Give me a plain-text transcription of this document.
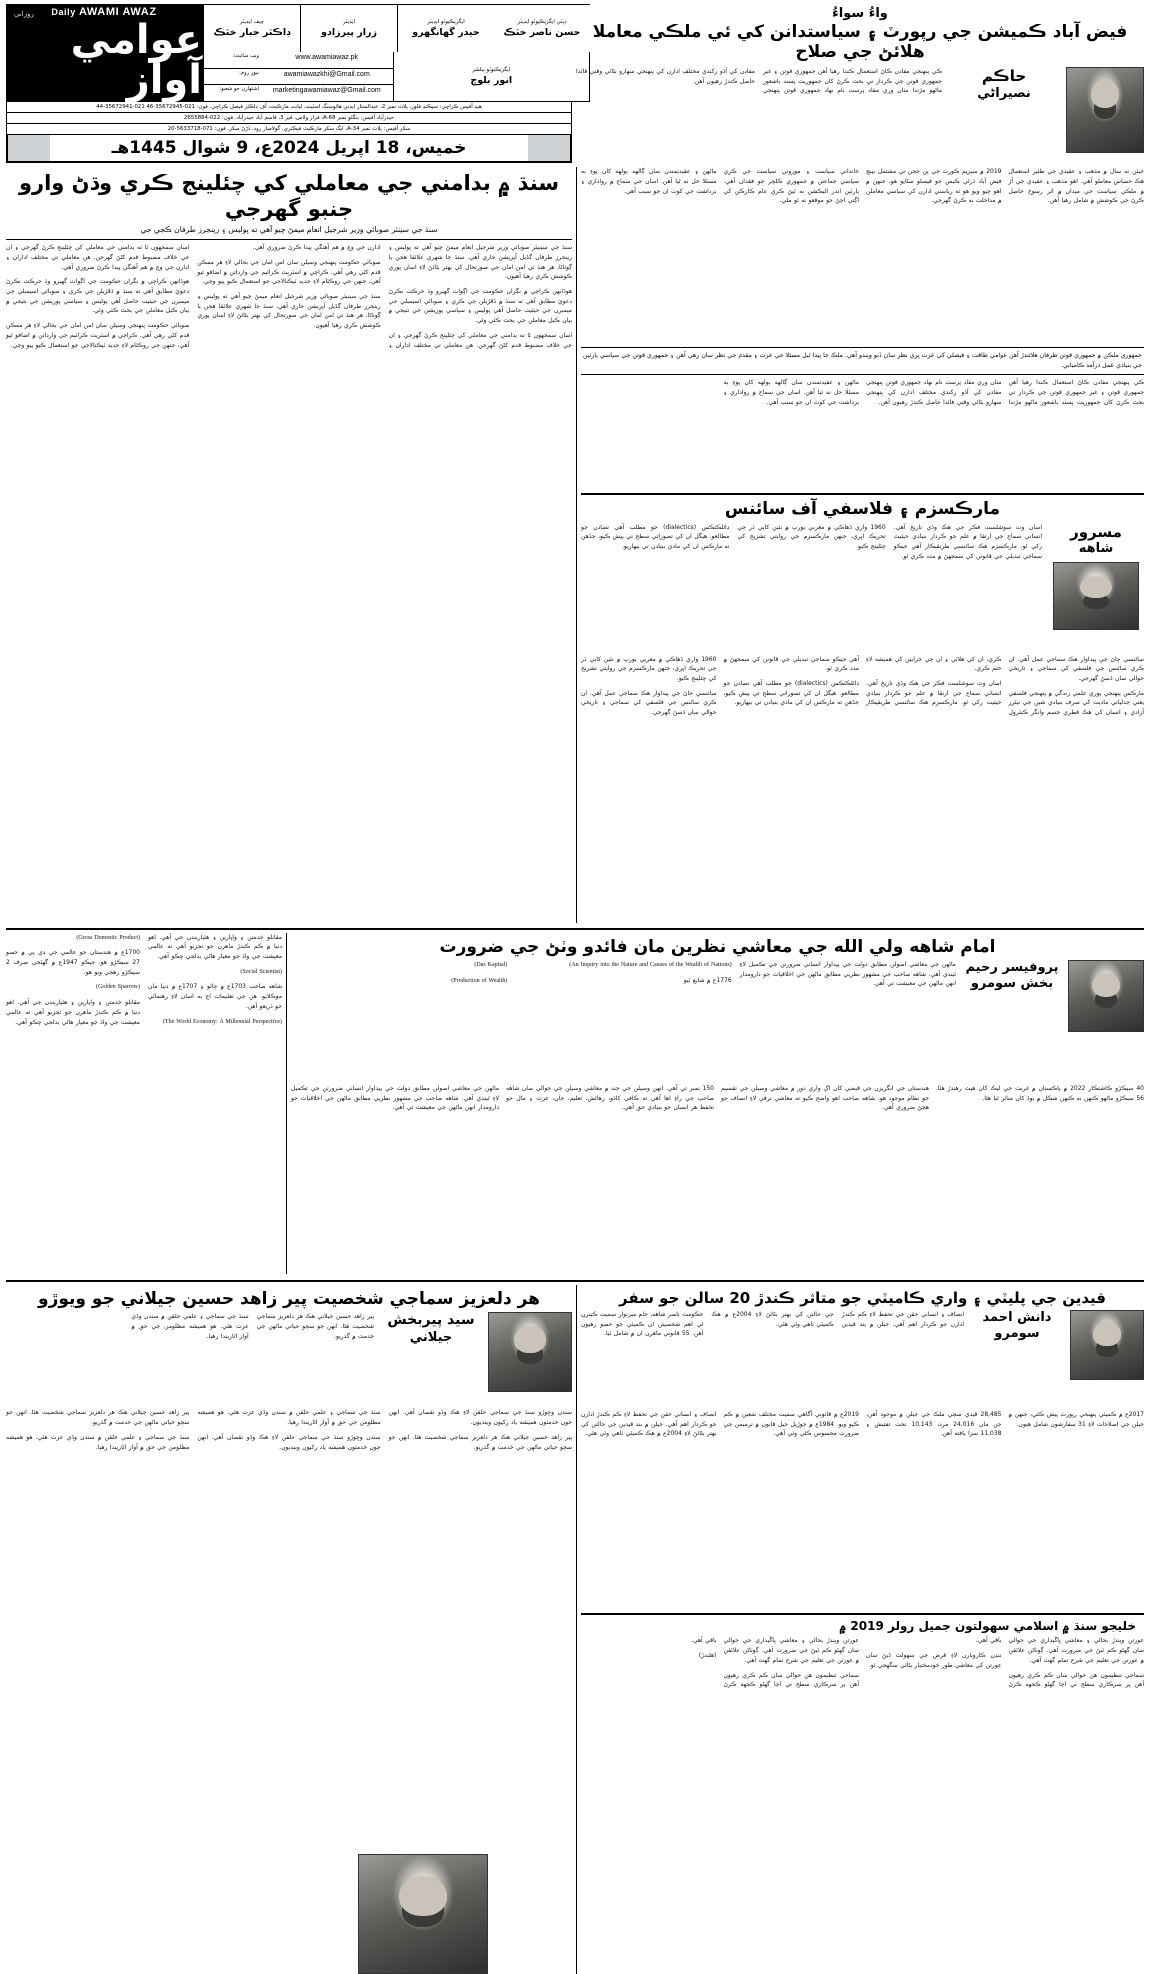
روزاني Daily AWAMI AWAZ
عوامي آواز
چيف ايڊيٽر
ڊاڪٽر جبار خٽڪ
ايڊيٽر
زرار پيرزادو
ايگزيڪيوٽو ايڊيٽر
حيدر گهانگهرو
ڊپٽي ايگزيڪيوٽو ايڊيٽر
حسن ناصر خٽڪ
ويب سائيٽ:	www.awamiawaz.pk
نيوز روم:	awamiawazkhi@Gmail.com
اشتهارن جو شعبو:	marketingawamiawaz@Gmail.com
ايگزيڪيوٽو پبلشر
انور بلوچ
هيڊ آفيس ڪراچي: سيڪنڊ فلور، پلاٽ نمبر 2، عبدالستار ايڊني هائوسنگ اسٽيٽ، ليانت مارڪيٽ، آف ڊاڪٽر فيصل ڪراچي. فون: 021-35672945-46 021-35672941-44
حيدرآباد آفيس: بنگلو نمبر 68-A، فراز ولاس، فيز 3، قاسم آباد حيدرآباد. فون: 022-2655884
سکر آفيس: پلاٽ نمبر 34-A، ايگ سکر مارڪيٽ فيڪٽري، گولاميار روڊ، ڌڙڻ سکر. فون: 071-5633718-20
خميس، 18 اپريل 2024ع، 9 شوال 1445هـ
واءُ سواءُ
فيض آباد ڪميشن جي رپورٽ ۽ سياستدانن کي ئي ملڪي معاملا هلائڻ جي صلاح
ڪي پنهنجي مفادن ڪاڻ استعمال ڪندا رهيا آهن جمهوري قوتن ۽ غير جمهوري قوتن جي ڪردار تي بحث ڪرڻ کان جمهوريت پسند باشعور ماڻهو مڙندا مٺان وري مفاد پرست نام نهاد جمهوري قوتن پنهنجي مفادن کي آڏو رکندي مختلف ادارن کي پنهنجي سهارو بڻائي وقتي فائدا حاصل ڪندڙ رهيون آهن.	حاڪم
نصيراڻي
سنڌ ۾ بدامني جي معاملي کي چئلينج ڪري وڌڻ وارو جنبو گهرجي
سنڌ جي سينئر صوبائي وزير شرجيل انعام ميمڻ چيو آهي ته پوليس ۽ رينجرز طرفان ڪجي جي

سنڌ جي سينيئر صوبائي وزير شرجيل انعام ميمڻ چيو آهي ته پوليس ۽ رينجرز طرفان گڏيل آپريشن جاري آهي. سنڌ جا شهري علائقا هجن يا ڳوٺاڻا، هر هنڌ تي امن امان جي صورتحال کي بهتر بڻائڻ لاءِ اسان پوري ڪوشش ڪري رهيا آهيون.

هوڏانهن ڪراچي ۾ نگران حڪومت جي اڳواٽ گهيرو وڌ حرڪت نڪرڻ دعويٰ مطابق آهي ته سنڌ ۾ ڏڦڙيلن جي ڪري ۽ صوبائي اسيمبلي جي ميمبرن جي حيثيت حاصل آهي پوليس ۽ سياسي پوزيشن جي نتيجي ۾ بيان ڪيل معاملن جي بحث ڪئي وئي.

اسان سمجهون ٿا ته بدامني جي معاملي کي چئلينج ڪرڻ گهرجي ۽ ان جي خلاف مضبوط قدم کڻڻ گهرجن. هن معاملي تي مختلف اداران ۽ ادارن جي وچ ۾ هم آهنگي پيدا ڪرڻ ضروري آهي.

صوبائي حڪومت پنهنجي وسيلن سان امن امان جي بحالي لاءِ هر ممڪن قدم کڻي رهي آهي. ڪراچي ۾ اسٽريٽ ڪرائيم جي وارداتن ۾ اضافو ٿيو آهي، جنهن جي روڪٿام لاءِ جديد ٽيڪنالاجي جو استعمال ڪيو پيو وڃي.

سنڌ جي سينيئر صوبائي وزير شرجيل انعام ميمڻ چيو آهي ته پوليس ۽ رينجرز طرفان گڏيل آپريشن جاري آهي. سنڌ جا شهري علائقا هجن يا ڳوٺاڻا، هر هنڌ تي امن امان جي صورتحال کي بهتر بڻائڻ لاءِ اسان پوري ڪوشش ڪري رهيا آهيون.

اسان سمجهون ٿا ته بدامني جي معاملي کي چئلينج ڪرڻ گهرجي ۽ ان جي خلاف مضبوط قدم کڻڻ گهرجن. هن معاملي تي مختلف اداران ۽ ادارن جي وچ ۾ هم آهنگي پيدا ڪرڻ ضروري آهي.

هوڏانهن ڪراچي ۾ نگران حڪومت جي اڳواٽ گهيرو وڌ حرڪت نڪرڻ دعويٰ مطابق آهي ته سنڌ ۾ ڏڦڙيلن جي ڪري ۽ صوبائي اسيمبلي جي ميمبرن جي حيثيت حاصل آهي پوليس ۽ سياسي پوزيشن جي نتيجي ۾ بيان ڪيل معاملن جي بحث ڪئي وئي.

صوبائي حڪومت پنهنجي وسيلن سان امن امان جي بحالي لاءِ هر ممڪن قدم کڻي رهي آهي. ڪراچي ۾ اسٽريٽ ڪرائيم جي وارداتن ۾ اضافو ٿيو آهي، جنهن جي روڪٿام لاءِ جديد ٽيڪنالاجي جو استعمال ڪيو پيو وڃي.

جيئن ته سال ۾ مذهب ۽ عقيدي جي طئير استعمال هڪ حساس معاملو آهي. اهو مذهب ۽ عقيدي جي آڙ ۾ ملڪي سياست جي ميدان ۾ اثر رسوخ حاصل ڪرڻ جي ڪوشش ۾ شامل رهيا آهن.

2019 ۾ سپريم ڪورٽ جي ٻن ججن تي مشتمل بينچ فيض آباد ڌرڻي ڪيس جو فيصلو سڻايو هو، جنهن ۾ اهو چيو ويو هو ته رياستي ادارن کي سياسي معاملن ۾ مداخلت نه ڪرڻ گهرجي.

خانداني سياست ۽ موروثي سياست جي ڪري سياسي جماعتن ۾ جمهوري ڪلچر جو فقدان آهي. پارٽين اندر اليڪشن نه ٿيڻ ڪري عام ڪارڪن کي اڳتي اچڻ جو موقعو نه ٿو ملي.

ماڻهن ۽ عقيدتمندن سان ڳالهه ٻولهه کان پوءِ به مسئلا حل نه ٿيا آهن. اسان جي سماج ۾ رواداري ۽ برداشت جي کوٽ ان جو سبب آهي.

جمهوري ملڪن ۾ جمهوري قوتن طرفان هلائندڙ آهن عوامي طاقت ۽ فيصلي کي عزت ڀري نظر سان ڏٺو ويندو آهي. ملڪ جا پيدا ٿيل مسئلا جي عزت ۽ مقدم جي نظر سان رهي آهن ۽ جمهوري قوتن جي سياسي پارٽين جي بنيادي عمل درآمد ڪاميابي.

ڪي پنهنجي مفادن ڪاڻ استعمال ڪندا رهيا آهن جمهوري قوتن ۽ غير جمهوري قوتن جي ڪردار تي بحث ڪرڻ کان جمهوريت پسند باشعور ماڻهو مڙندا مٺان وري مفاد پرست نام نهاد جمهوري قوتن پنهنجي مفادن کي آڏو رکندي مختلف ادارن کي پنهنجي سهارو بڻائي وقتي فائدا حاصل ڪندڙ رهيون آهن.

ماڻهن ۽ عقيدتمندن سان ڳالهه ٻولهه کان پوءِ به مسئلا حل نه ٿيا آهن. اسان جي سماج ۾ رواداري ۽ برداشت جي کوٽ ان جو سبب آهي.

مارڪسزم ۽ فلاسفي آف سائنس

اسان وٽ سوشلسٽ فڪر جي هڪ وڏي تاريخ آهي. انساني سماج جي ارتقا ۾ علم جو ڪردار بنيادي حيثيت رکي ٿو. مارڪسزم هڪ سائنسي طريقيڪار آهي جيڪو سماجي تبديلي جي قانونن کي سمجهڻ ۾ مدد ڪري ٿو.

1960 واري ڏهاڪي ۾ مغربي يورپ ۾ نئين کاٻي ڌر جي تحريڪ اڀري، جنهن مارڪسزم جي روايتي تشريح کي چئلينج ڪيو.

ڊائلڪٽڪس (dialectics) جو مطلب آهي تضادن جو مطالعو. هيگل ان کي تصوراتي سطح تي پيش ڪيو، جڏهن ته مارڪس ان کي مادي بنيادن تي بيهاريو.

مسرور
شاهه

سائنسي ڄاڻ جي پيداوار هڪ سماجي عمل آهي. ان ڪري سائنس جي فلسفي کي سماجي ۽ تاريخي حوالي سان ڏسڻ گهرجي.

مارڪس پنهنجي پوري علمي زندگي ۾ پنهنجي فلسفي يعني جدلياتي ماديت کي صرف بنيادي شين جي نيئرز آزادي ۽ انسان کي هڪ فطري جسم وانگر ڪنٽرول ڪري، ان کي هلائي ۽ ان جي خرابين کي هميشه لاءِ ختم ڪري.

اسان وٽ سوشلسٽ فڪر جي هڪ وڏي تاريخ آهي. انساني سماج جي ارتقا ۾ علم جو ڪردار بنيادي حيثيت رکي ٿو. مارڪسزم هڪ سائنسي طريقيڪار آهي جيڪو سماجي تبديلي جي قانونن کي سمجهڻ ۾ مدد ڪري ٿو.

ڊائلڪٽڪس (dialectics) جو مطلب آهي تضادن جو مطالعو. هيگل ان کي تصوراتي سطح تي پيش ڪيو، جڏهن ته مارڪس ان کي مادي بنيادن تي بيهاريو.

1960 واري ڏهاڪي ۾ مغربي يورپ ۾ نئين کاٻي ڌر جي تحريڪ اڀري، جنهن مارڪسزم جي روايتي تشريح کي چئلينج ڪيو.

سائنسي ڄاڻ جي پيداوار هڪ سماجي عمل آهي. ان ڪري سائنس جي فلسفي کي سماجي ۽ تاريخي حوالي سان ڏسڻ گهرجي.

مقابلو خدمتن ۽ واپارين ۽ هٿياربندن جي آهي. اهو دنيا ۾ ڪم ڪندڙ ماهرن جو تجزيو آهي ته عالمي معيشت جي واڌ جو معيار هاڻي بدلجي چڪو آهي.

(Social Scientist)

شاهه صاحب 1703ع ۾ ڄائو ۽ 1707ع ۾ دنيا مان موڪلايو. هن جي تعليمات اڄ به اسان لاءِ رهنمائي جو ذريعو آهن.

(The World Economy: A Millennial Perspective)

(Gross Domestic Product)

1700ع ۾ هندستان جو عالمي جي ڊي پي ۾ حصو 27 سيڪڙو هو، جيڪو 1947ع ۾ گهٽجي صرف 2 سيڪڙو رهجي ويو هو.

(Golden Sparrow)

مقابلو خدمتن ۽ واپارين ۽ هٿياربندن جي آهي. اهو دنيا ۾ ڪم ڪندڙ ماهرن جو تجزيو آهي ته عالمي معيشت جي واڌ جو معيار هاڻي بدلجي چڪو آهي.

امام شاهه ولي الله جي معاشي نظرين مان فائدو وٺڻ جي ضرورت

ماڻهن جي معاشي اصولن مطابق دولت جي پيداوار انساني ضرورتن جي تڪميل لاءِ ٿيندي آهي. شاهه صاحب جي مشهور نظريي مطابق ماڻهن جي اخلاقيات جو دارومدار انهن ماڻهن جي معيشت تي آهي.

(An Inquiry into the Nature and Causes of the Wealth of Nations)

1776ع ۾ شايع ٿيو

(Das Kapital)

(Production of Wealth)

پروفيسر رحيم
بخش سومرو

40 سيڪڙو ڪاشتڪار 2022 ۾ پاڪستان ۾ غربت جي ليڪ کان هيٺ رهندڙ هئا. 56 سيڪڙو ماڻهو ڪنهن نه ڪنهن شڪل ۾ ٻوڏ کان متاثر ٿيا هئا.

هندستان جي انگريزن جي قبضي کان اڳ واري دور ۾ معاشي وسيلن جي تقسيم جو نظام موجود هو. شاهه صاحب اهو واضح ڪيو ته معاشي ترقي لاءِ انصاف جو هجڻ ضروري آهي.

150 نمبر تي آهي. انهن وسيلن جي جند ۾ معاشي وسيلن جي حوالي سان شاهه صاحب جي راءِ اها آهي ته ڪافي کاڌو، رهائش، تعليم، جان، عزت ۽ مال جو تحفظ هر انسان جو بنيادي حق آهي.

ماڻهن جي معاشي اصولن مطابق دولت جي پيداوار انساني ضرورتن جي تڪميل لاءِ ٿيندي آهي. شاهه صاحب جي مشهور نظريي مطابق ماڻهن جي اخلاقيات جو دارومدار انهن ماڻهن جي معيشت تي آهي.

هر دلعزيز سماجي شخصيت پير زاهد حسين جيلاني جو ويوڙو

پير زاهد حسين جيلاني هڪ هر دلعزيز سماجي شخصيت هئا. انهن جو سڄو حياتي ماڻهن جي خدمت ۾ گذريو.

سنڌ جي سماجي ۽ علمي حلقن ۾ سندن وڏي عزت هئي. هو هميشه مظلومن جي حق ۾ آواز اٿاريندا رهيا.

سيد پيربخش
جيلاني

سندن وڇوڙو سنڌ جي سماجي حلقن لاءِ هڪ وڏو نقصان آهي. انهن جون خدمتون هميشه ياد رکيون وينديون.

پير زاهد حسين جيلاني هڪ هر دلعزيز سماجي شخصيت هئا. انهن جو سڄو حياتي ماڻهن جي خدمت ۾ گذريو.

سنڌ جي سماجي ۽ علمي حلقن ۾ سندن وڏي عزت هئي. هو هميشه مظلومن جي حق ۾ آواز اٿاريندا رهيا.

سندن وڇوڙو سنڌ جي سماجي حلقن لاءِ هڪ وڏو نقصان آهي. انهن جون خدمتون هميشه ياد رکيون وينديون.

پير زاهد حسين جيلاني هڪ هر دلعزيز سماجي شخصيت هئا. انهن جو سڄو حياتي ماڻهن جي خدمت ۾ گذريو.

سنڌ جي سماجي ۽ علمي حلقن ۾ سندن وڏي عزت هئي. هو هميشه مظلومن جي حق ۾ آواز اٿاريندا رهيا.

قيدين جي پليٽي ۽ واري ڪاميٽي جو متاثر ڪندڙ 20 سالن جو سفر

انصاف ۽ انساني حقن جي تحفظ لاءِ ڪم ڪندڙ ادارن جو ڪردار اهم آهي. جيلن ۾ بند قيدين جي حالتن کي بهتر بڻائڻ لاءِ 2004ع ۾ هڪ ڪميٽي ٺاهي وئي هئي.

حڪومت ناصر شاهه، ڄام ميرنوار سميت ڪيترن ئي اهم شخصيتن ان ڪميٽي جو حصو رهيون آهن. 55 قانوني ماهرن ان ۾ شامل ٿيا.

دانش احمد
سومرو

2017ع ۾ ڪميٽي پنهنجي رپورٽ پيش ڪئي، جنهن ۾ جيلن جي اصلاحات لاءِ 31 سفارشون شامل هيون.

28,485 قيدي سڄي ملڪ جي جيلن ۾ موجود آهن، جن مان 24,016 مرد، 10,143 تحت تفتيش ۽ 11,038 سزا يافته آهن.

2019ع ۾ قانوني آگاهي سميت مختلف شعبن ۾ ڪم ڪيو ويو. 1984ع ۾ جوڙيل جيل قانون ۾ ترميمن جي ضرورت محسوس ڪئي وئي آهي.

انصاف ۽ انساني حقن جي تحفظ لاءِ ڪم ڪندڙ ادارن جو ڪردار اهم آهي. جيلن ۾ بند قيدين جي حالتن کي بهتر بڻائڻ لاءِ 2004ع ۾ هڪ ڪميٽي ٺاهي وئي هئي.

خليجو سنڌ ۾ اسلامي سهولتون جميل رولر 2019 ۾

عورتن ويندڙ بحالي ۽ معاشي ڀاڱيداري جي حوالي سان گهڻو ڪم ٿيڻ جي ضرورت آهي. ڳوٺاڻن علائقن ۾ عورتن جي تعليم جي شرح تمام گهٽ آهي.

سماجي تنظيمون هن حوالي سان ڪم ڪري رهيون آهن پر سرڪاري سطح تي اڃا گهڻو ڪجهه ڪرڻ باقي آهي.

ننڍن ڪاروبارن لاءِ قرض جي سهولت ڏيڻ سان عورتن کي معاشي طور خودمختيار بڻائي سگهجي ٿو.

عورتن ويندڙ بحالي ۽ معاشي ڀاڱيداري جي حوالي سان گهڻو ڪم ٿيڻ جي ضرورت آهي. ڳوٺاڻن علائقن ۾ عورتن جي تعليم جي شرح تمام گهٽ آهي.

سماجي تنظيمون هن حوالي سان ڪم ڪري رهيون آهن پر سرڪاري سطح تي اڃا گهڻو ڪجهه ڪرڻ باقي آهي.

(هلندڙ)
